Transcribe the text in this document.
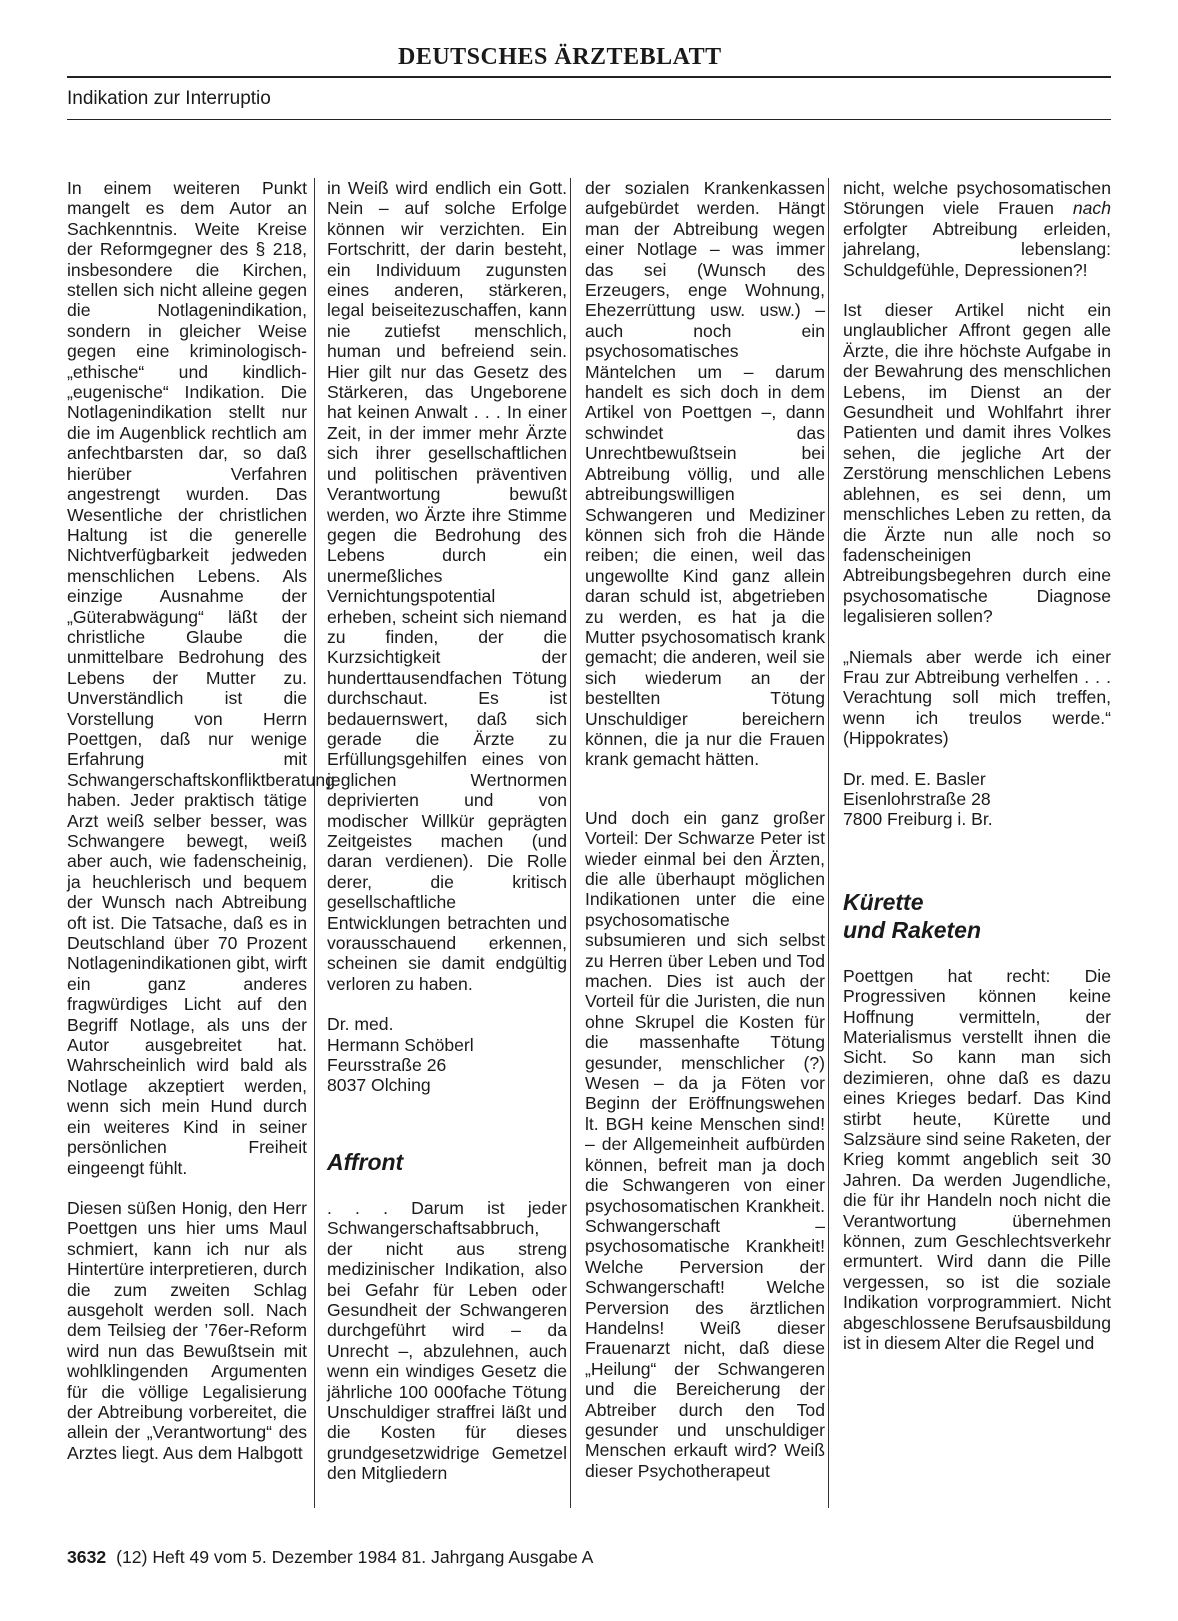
DEUTSCHES ÄRZTEBLATT
Indikation zur Interruptio

In einem weiteren Punkt mangelt es dem Autor an Sachkenntnis. Weite Kreise der Reformgegner des § 218, insbesondere die Kirchen, stellen sich nicht alleine gegen die Notlagenindikation, sondern in gleicher Weise gegen eine kriminologisch-„ethische“ und kindlich-„eugenische“ Indikation. Die Notlagenindikation stellt nur die im Augenblick rechtlich am anfechtbarsten dar, so daß hierüber Verfahren angestrengt wurden. Das Wesentliche der christlichen Haltung ist die generelle Nichtverfügbarkeit jedweden menschlichen Lebens. Als einzige Ausnahme der „Güterabwägung“ läßt der christliche Glaube die unmittelbare Bedrohung des Lebens der Mutter zu. Unverständlich ist die Vorstellung von Herrn Poettgen, daß nur wenige Erfahrung mit Schwangerschaftskonfliktberatung haben. Jeder praktisch tätige Arzt weiß selber besser, was Schwangere bewegt, weiß aber auch, wie fadenscheinig, ja heuchlerisch und bequem der Wunsch nach Abtreibung oft ist. Die Tatsache, daß es in Deutschland über 70 Prozent Notlagenindikationen gibt, wirft ein ganz anderes fragwürdiges Licht auf den Begriff Notlage, als uns der Autor ausgebreitet hat. Wahrscheinlich wird bald als Notlage akzeptiert werden, wenn sich mein Hund durch ein weiteres Kind in seiner persönlichen Freiheit eingeengt fühlt.

Diesen süßen Honig, den Herr Poettgen uns hier ums Maul schmiert, kann ich nur als Hintertüre interpretieren, durch die zum zweiten Schlag ausgeholt werden soll. Nach dem Teilsieg der ’76er-Reform wird nun das Bewußtsein mit wohlklingenden Argumenten für die völlige Legalisierung der Abtreibung vorbereitet, die allein der „Verantwortung“ des Arztes liegt. Aus dem Halbgott

in Weiß wird endlich ein Gott. Nein – auf solche Erfolge können wir verzichten. Ein Fortschritt, der darin besteht, ein Individuum zugunsten eines anderen, stärkeren, legal beiseitezuschaffen, kann nie zutiefst menschlich, human und befreiend sein. Hier gilt nur das Gesetz des Stärkeren, das Ungeborene hat keinen Anwalt . . . In einer Zeit, in der immer mehr Ärzte sich ihrer gesellschaftlichen und politischen präventiven Verantwortung bewußt werden, wo Ärzte ihre Stimme gegen die Bedrohung des Lebens durch ein unermeßliches Vernichtungspotential erheben, scheint sich niemand zu finden, der die Kurzsichtigkeit der hunderttausendfachen Tötung durchschaut. Es ist bedauernswert, daß sich gerade die Ärzte zu Erfüllungsgehilfen eines von jeglichen Wertnormen deprivierten und von modischer Willkür geprägten Zeitgeistes machen (und daran verdienen). Die Rolle derer, die kritisch gesellschaftliche Entwicklungen betrachten und vorausschauend erkennen, scheinen sie damit endgültig verloren zu haben.

Dr. med.
Hermann Schöberl
Feursstraße 26
8037 Olching
Affront

. . . Darum ist jeder Schwangerschaftsabbruch, der nicht aus streng medizinischer Indikation, also bei Gefahr für Leben oder Gesundheit der Schwangeren durchgeführt wird – da Unrecht –, abzulehnen, auch wenn ein windiges Gesetz die jährliche 100 000fache Tötung Unschuldiger straffrei läßt und die Kosten für dieses grundgesetzwidrige Gemetzel den Mitgliedern

der sozialen Krankenkassen aufgebürdet werden. Hängt man der Abtreibung wegen einer Notlage – was immer das sei (Wunsch des Erzeugers, enge Wohnung, Ehezerrüttung usw. usw.) – auch noch ein psychosomatisches Mäntelchen um – darum handelt es sich doch in dem Artikel von Poettgen –, dann schwindet das Unrechtbewußtsein bei Abtreibung völlig, und alle abtreibungswilligen Schwangeren und Mediziner können sich froh die Hände reiben; die einen, weil das ungewollte Kind ganz allein daran schuld ist, abgetrieben zu werden, es hat ja die Mutter psychosomatisch krank gemacht; die anderen, weil sie sich wiederum an der bestellten Tötung Unschuldiger bereichern können, die ja nur die Frauen krank gemacht hätten.

Und doch ein ganz großer Vorteil: Der Schwarze Peter ist wieder einmal bei den Ärzten, die alle überhaupt möglichen Indikationen unter die eine psychosomatische subsumieren und sich selbst zu Herren über Leben und Tod machen. Dies ist auch der Vorteil für die Juristen, die nun ohne Skrupel die Kosten für die massenhafte Tötung gesunder, menschlicher (?) Wesen – da ja Föten vor Beginn der Eröffnungswehen lt. BGH keine Menschen sind! – der Allgemeinheit aufbürden können, befreit man ja doch die Schwangeren von einer psychosomatischen Krankheit. Schwangerschaft – psychosomatische Krankheit! Welche Perversion der Schwangerschaft! Welche Perversion des ärztlichen Handelns! Weiß dieser Frauenarzt nicht, daß diese „Heilung“ der Schwangeren und die Bereicherung der Abtreiber durch den Tod gesunder und unschuldiger Menschen erkauft wird? Weiß dieser Psychotherapeut

nicht, welche psychosomatischen Störungen viele Frauen nach erfolgter Abtreibung erleiden, jahrelang, lebenslang: Schuldgefühle, Depressionen?!

Ist dieser Artikel nicht ein unglaublicher Affront gegen alle Ärzte, die ihre höchste Aufgabe in der Bewahrung des menschlichen Lebens, im Dienst an der Gesundheit und Wohlfahrt ihrer Patienten und damit ihres Volkes sehen, die jegliche Art der Zerstörung menschlichen Lebens ablehnen, es sei denn, um menschliches Leben zu retten, da die Ärzte nun alle noch so fadenscheinigen Abtreibungsbegehren durch eine psychosomatische Diagnose legalisieren sollen?

„Niemals aber werde ich einer Frau zur Abtreibung verhelfen . . . Verachtung soll mich treffen, wenn ich treulos werde.“ (Hippokrates)

Dr. med. E. Basler
Eisenlohrstraße 28
7800 Freiburg i. Br.
Kürette
und Raketen

Poettgen hat recht: Die Progressiven können keine Hoffnung vermitteln, der Materialismus verstellt ihnen die Sicht. So kann man sich dezimieren, ohne daß es dazu eines Krieges bedarf. Das Kind stirbt heute, Kürette und Salzsäure sind seine Raketen, der Krieg kommt angeblich seit 30 Jahren. Da werden Jugendliche, die für ihr Handeln noch nicht die Verantwortung übernehmen können, zum Geschlechtsverkehr ermuntert. Wird dann die Pille vergessen, so ist die soziale Indikation vorprogrammiert. Nicht abgeschlossene Berufsausbildung ist in diesem Alter die Regel und

3632 (12) Heft 49 vom 5. Dezember 1984 81. Jahrgang Ausgabe A
